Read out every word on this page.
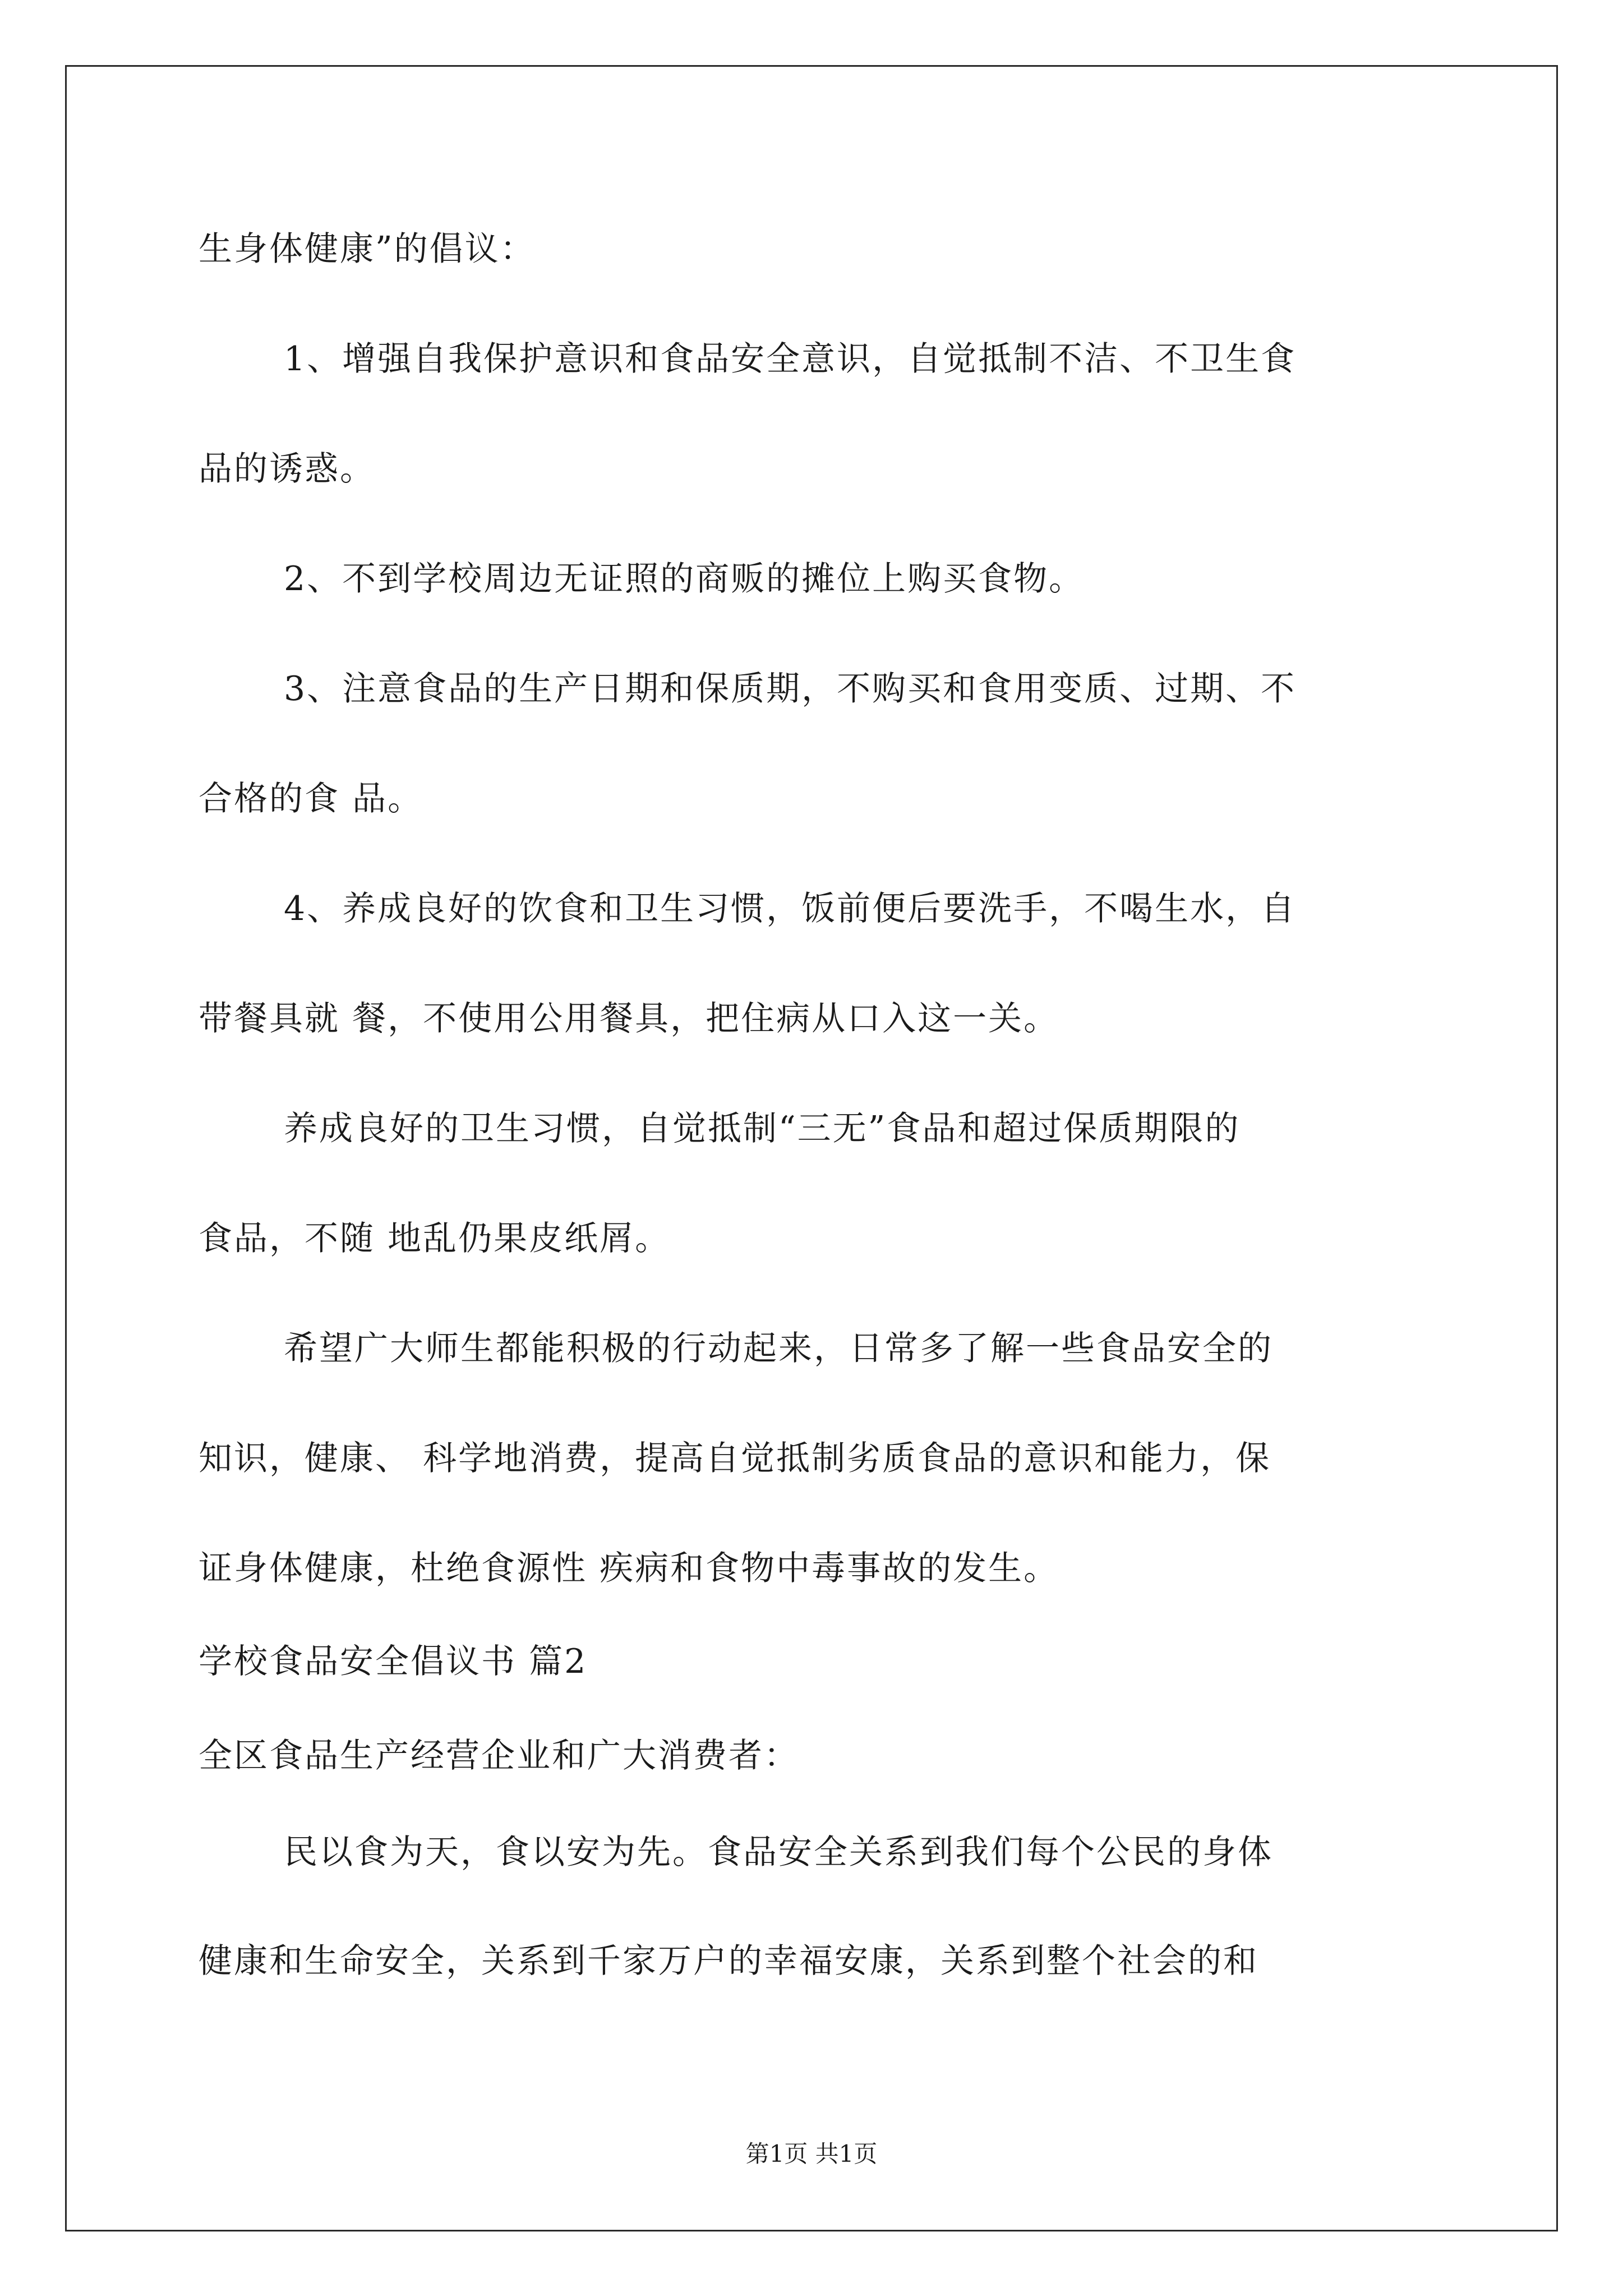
生身体健康”的倡议：
1、增强自我保护意识和食品安全意识，自觉抵制不洁、不卫生食
品的诱惑。
2、不到学校周边无证照的商贩的摊位上购买食物。
3、注意食品的生产日期和保质期，不购买和食用变质、过期、不
合格的食 品。
4、养成良好的饮食和卫生习惯，饭前便后要洗手，不喝生水，自
带餐具就 餐，不使用公用餐具，把住病从口入这一关。
养成良好的卫生习惯，自觉抵制“三无”食品和超过保质期限的
食品，不随 地乱仍果皮纸屑。
希望广大师生都能积极的行动起来，日常多了解一些食品安全的
知识，健康、 科学地消费，提高自觉抵制劣质食品的意识和能力，保
证身体健康，杜绝食源性 疾病和食物中毒事故的发生。
学校食品安全倡议书 篇2
全区食品生产经营企业和广大消费者：
民以食为天，食以安为先。食品安全关系到我们每个公民的身体
健康和生命安全，关系到千家万户的幸福安康，关系到整个社会的和
第1页 共1页
